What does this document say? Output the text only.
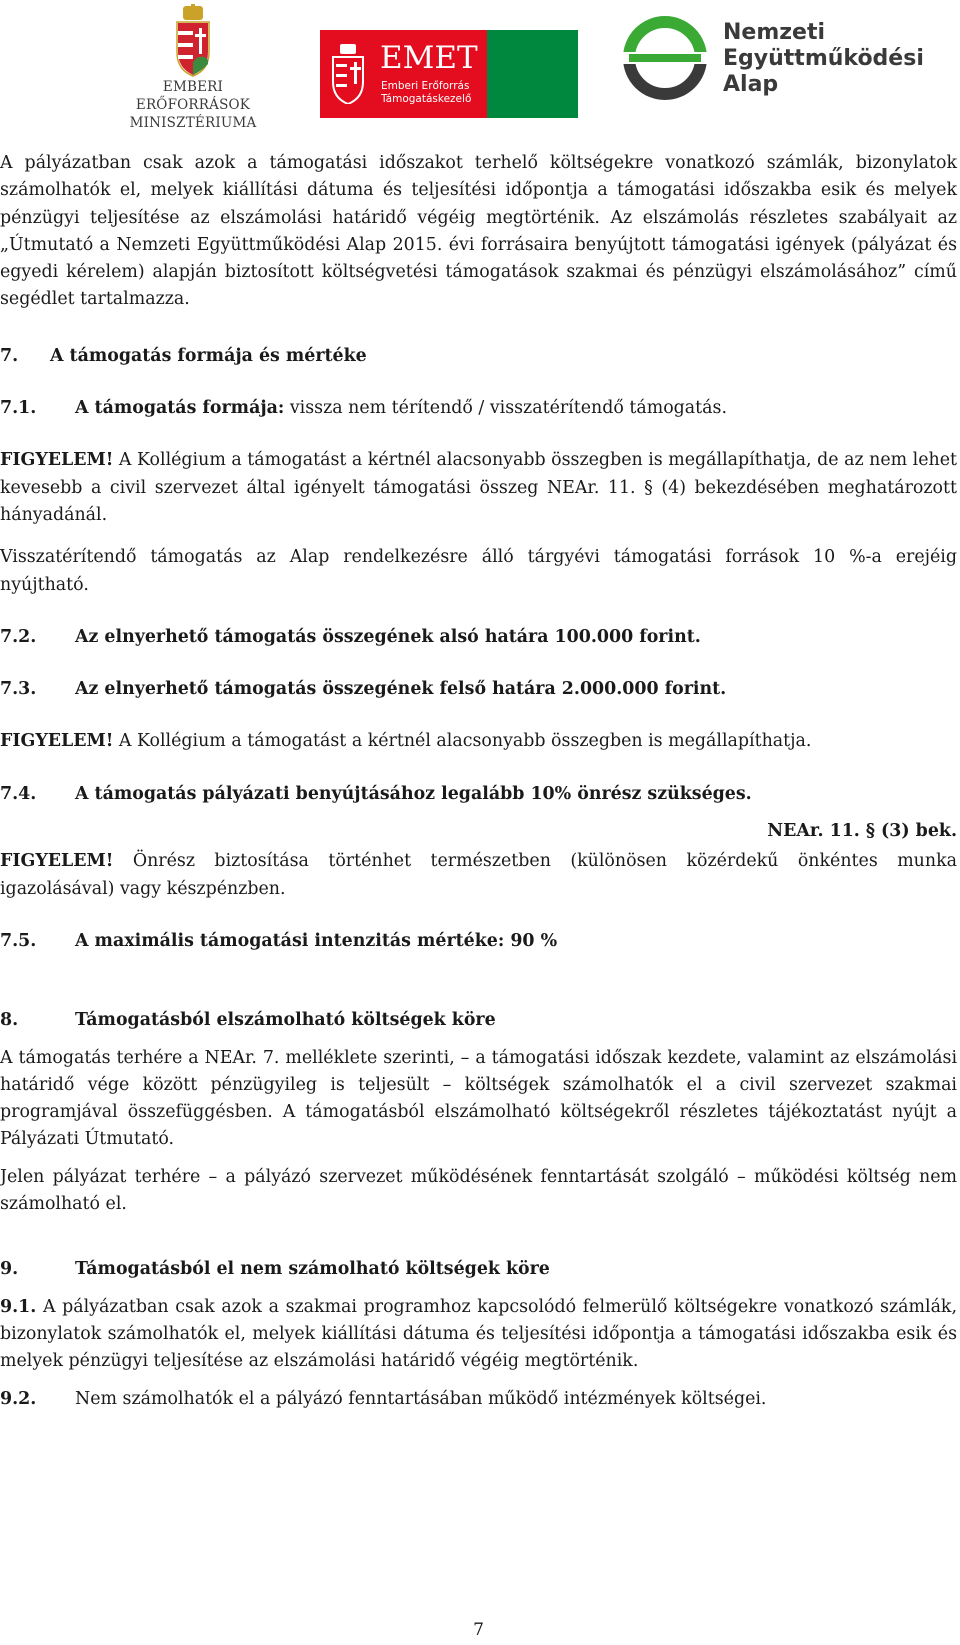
EMBERI ERŐFORRÁSOK
MINISZTÉRIUMA
EMET
Emberi Erőforrás
Támogatáskezelő
Nemzeti
Együttműködési
Alap

A pályázatban csak azok a támogatási időszakot terhelő költségekre vonatkozó számlák, bizonylatok számolhatók el, melyek kiállítási dátuma és teljesítési időpontja a támogatási időszakba esik és melyek pénzügyi teljesítése az elszámolási határidő végéig megtörténik. Az elszámolás részletes szabályait az „Útmutató a Nemzeti Együttműködési Alap 2015. évi forrásaira benyújtott támogatási igények (pályázat és egyedi kérelem) alapján biztosított költségvetési támogatások szakmai és pénzügyi elszámolásához” című segédlet tartalmazza.

7.	A támogatás formája és mértéke
7.1.	A támogatás formája: vissza nem térítendő / visszatérítendő támogatás.

FIGYELEM! A Kollégium a támogatást a kértnél alacsonyabb összegben is megállapíthatja, de az nem lehet kevesebb a civil szervezet által igényelt támogatási összeg NEAr. 11. § (4) bekezdésében meghatározott hányadánál.

Visszatérítendő támogatás az Alap rendelkezésre álló tárgyévi támogatási források 10 %-a erejéig nyújtható.

7.2.	Az elnyerhető támogatás összegének alsó határa 100.000 forint.
7.3.	Az elnyerhető támogatás összegének felső határa 2.000.000 forint.

FIGYELEM! A Kollégium a támogatást a kértnél alacsonyabb összegben is megállapíthatja.

7.4.	A támogatás pályázati benyújtásához legalább 10% önrész szükséges.
NEAr. 11. § (3) bek.

FIGYELEM! Önrész biztosítása történhet természetben (különösen közérdekű önkéntes munka igazolásával) vagy készpénzben.

7.5.	A maximális támogatási intenzitás mértéke: 90 %
8.	Támogatásból elszámolható költségek köre

A támogatás terhére a NEAr. 7. melléklete szerinti, – a támogatási időszak kezdete, valamint az elszámolási határidő vége között pénzügyileg is teljesült – költségek számolhatók el a civil szervezet szakmai programjával összefüggésben. A támogatásból elszámolható költségekről részletes tájékoztatást nyújt a Pályázati Útmutató.

Jelen pályázat terhére – a pályázó szervezet működésének fenntartását szolgáló – működési költség nem számolható el.

9.	Támogatásból el nem számolható költségek köre

9.1. A pályázatban csak azok a szakmai programhoz kapcsolódó felmerülő költségekre vonatkozó számlák, bizonylatok számolhatók el, melyek kiállítási dátuma és teljesítési időpontja a támogatási időszakba esik és melyek pénzügyi teljesítése az elszámolási határidő végéig megtörténik.

9.2.	Nem számolhatók el a pályázó fenntartásában működő intézmények költségei.
7
